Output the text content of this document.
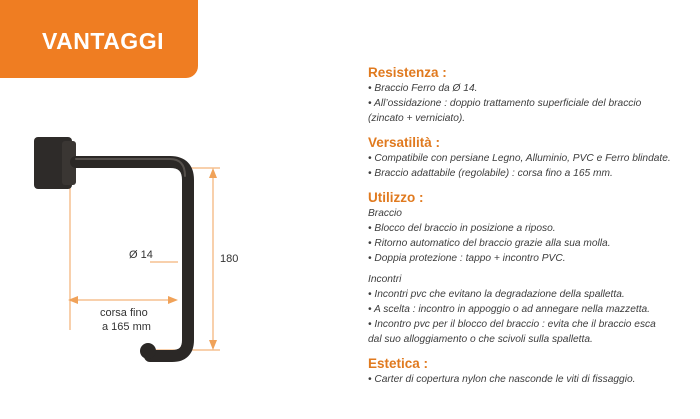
VANTAGGI
Ø 14	180
corsa fino
a 165 mm

Resistenza :

• Braccio Ferro da Ø 14.

• All’ossidazione : doppio trattamento superficiale del braccio

(zincato + verniciato).

Versatilità :

• Compatibile con persiane Legno, Alluminio, PVC e Ferro blindate.

• Braccio adattabile (regolabile) : corsa fino a 165 mm.

Utilizzo :

Braccio

• Blocco del braccio in posizione a riposo.

• Ritorno automatico del braccio grazie alla sua molla.

• Doppia protezione : tappo + incontro PVC.

Incontri

• Incontri pvc che evitano la degradazione della spalletta.

• A scelta : incontro in appoggio o ad annegare nella mazzetta.

• Incontro pvc per il blocco del braccio : evita che il braccio esca

dal suo alloggiamento o che scivoli sulla spalletta.

Estetica :

• Carter di copertura nylon che nasconde le viti di fissaggio.
